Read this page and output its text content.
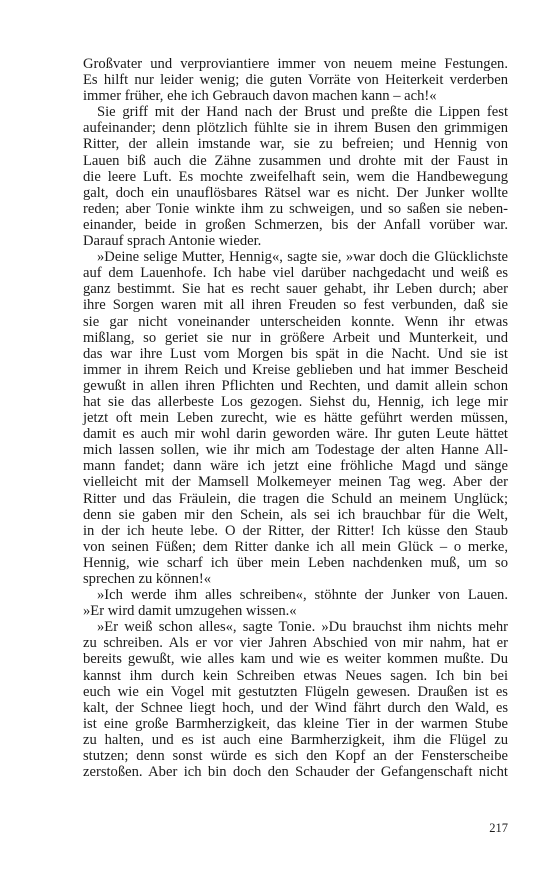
Großvater und verproviantiere immer von neuem meine Festungen.
Es hilft nur leider wenig; die guten Vorräte von Heiterkeit verderben
immer früher, ehe ich Gebrauch davon machen kann – ach!«
Sie griff mit der Hand nach der Brust und preßte die Lippen fest
aufeinander; denn plötzlich fühlte sie in ihrem Busen den grimmigen
Ritter, der allein imstande war, sie zu befreien; und Hennig von
Lauen biß auch die Zähne zusammen und drohte mit der Faust in
die leere Luft. Es mochte zweifelhaft sein, wem die Handbewegung
galt, doch ein unauflösbares Rätsel war es nicht. Der Junker wollte
reden; aber Tonie winkte ihm zu schweigen, und so saßen sie neben-
einander, beide in großen Schmerzen, bis der Anfall vorüber war.
Darauf sprach Antonie wieder.
»Deine selige Mutter, Hennig«, sagte sie, »war doch die Glücklichste
auf dem Lauenhofe. Ich habe viel darüber nachgedacht und weiß es
ganz bestimmt. Sie hat es recht sauer gehabt, ihr Leben durch; aber
ihre Sorgen waren mit all ihren Freuden so fest verbunden, daß sie
sie gar nicht voneinander unterscheiden konnte. Wenn ihr etwas
mißlang, so geriet sie nur in größere Arbeit und Munterkeit, und
das war ihre Lust vom Morgen bis spät in die Nacht. Und sie ist
immer in ihrem Reich und Kreise geblieben und hat immer Bescheid
gewußt in allen ihren Pflichten und Rechten, und damit allein schon
hat sie das allerbeste Los gezogen. Siehst du, Hennig, ich lege mir
jetzt oft mein Leben zurecht, wie es hätte geführt werden müssen,
damit es auch mir wohl darin geworden wäre. Ihr guten Leute hättet
mich lassen sollen, wie ihr mich am Todestage der alten Hanne All-
mann fandet; dann wäre ich jetzt eine fröhliche Magd und sänge
vielleicht mit der Mamsell Molkemeyer meinen Tag weg. Aber der
Ritter und das Fräulein, die tragen die Schuld an meinem Unglück;
denn sie gaben mir den Schein, als sei ich brauchbar für die Welt,
in der ich heute lebe. O der Ritter, der Ritter! Ich küsse den Staub
von seinen Füßen; dem Ritter danke ich all mein Glück – o merke,
Hennig, wie scharf ich über mein Leben nachdenken muß, um so
sprechen zu können!«
»Ich werde ihm alles schreiben«, stöhnte der Junker von Lauen.
»Er wird damit umzugehen wissen.«
»Er weiß schon alles«, sagte Tonie. »Du brauchst ihm nichts mehr
zu schreiben. Als er vor vier Jahren Abschied von mir nahm, hat er
bereits gewußt, wie alles kam und wie es weiter kommen mußte. Du
kannst ihm durch kein Schreiben etwas Neues sagen. Ich bin bei
euch wie ein Vogel mit gestutzten Flügeln gewesen. Draußen ist es
kalt, der Schnee liegt hoch, und der Wind fährt durch den Wald, es
ist eine große Barmherzigkeit, das kleine Tier in der warmen Stube
zu halten, und es ist auch eine Barmherzigkeit, ihm die Flügel zu
stutzen; denn sonst würde es sich den Kopf an der Fensterscheibe
zerstoßen. Aber ich bin doch den Schauder der Gefangenschaft nicht
217
